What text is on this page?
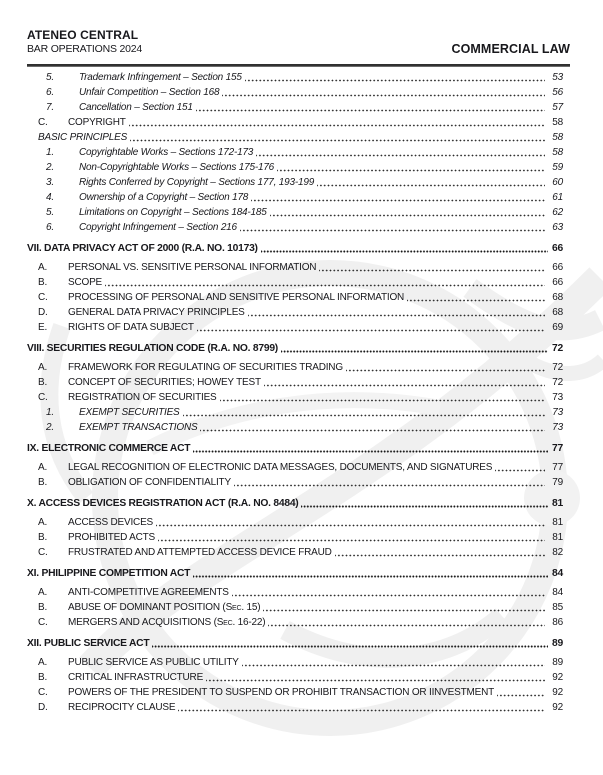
ATENEO CENTRAL
BAR OPERATIONS 2024	COMMERCIAL LAW
5.	Trademark Infringement – Section 155	53
6.	Unfair Competition – Section 168	56
7.	Cancellation – Section 151	57
C.	COPYRIGHT	58
BASIC PRINCIPLES	58
1.	Copyrightable Works – Sections 172-173	58
2.	Non-Copyrightable Works – Sections 175-176	59
3.	Rights Conferred by Copyright – Sections 177, 193-199	60
4.	Ownership of a Copyright – Section 178	61
5.	Limitations on Copyright – Sections 184-185	62
6.	Copyright Infringement – Section 216	63
VII. DATA PRIVACY ACT OF 2000 (R.A. NO. 10173)	66
A.	PERSONAL VS. SENSITIVE PERSONAL INFORMATION	66
B.	SCOPE	66
C.	PROCESSING OF PERSONAL AND SENSITIVE PERSONAL INFORMATION	68
D.	GENERAL DATA PRIVACY PRINCIPLES	68
E.	RIGHTS OF DATA SUBJECT	69
VIII. SECURITIES REGULATION CODE (R.A. NO. 8799)	72
A.	FRAMEWORK FOR REGULATING OF SECURITIES TRADING	72
B.	CONCEPT OF SECURITIES; HOWEY TEST	72
C.	REGISTRATION OF SECURITIES	73
1.	EXEMPT SECURITIES	73
2.	EXEMPT TRANSACTIONS	73
IX. ELECTRONIC COMMERCE ACT	77
A.	LEGAL RECOGNITION OF ELECTRONIC DATA MESSAGES, DOCUMENTS, AND SIGNATURES	77
B.	OBLIGATION OF CONFIDENTIALITY	79
X. ACCESS DEVICES REGISTRATION ACT (R.A. NO. 8484)	81
A.	ACCESS DEVICES	81
B.	PROHIBITED ACTS	81
C.	FRUSTRATED AND ATTEMPTED ACCESS DEVICE FRAUD	82
XI. PHILIPPINE COMPETITION ACT	84
A.	ANTI-COMPETITIVE AGREEMENTS	84
B.	ABUSE OF DOMINANT POSITION (Sec. 15)	85
C.	MERGERS AND ACQUISITIONS (Sec. 16-22)	86
XII. PUBLIC SERVICE ACT	89
A.	PUBLIC SERVICE AS PUBLIC UTILITY	89
B.	CRITICAL INFRASTRUCTURE	92
C.	POWERS OF THE PRESIDENT TO SUSPEND OR PROHIBIT TRANSACTION OR IINVESTMENT	92
D.	RECIPROCITY CLAUSE	92
